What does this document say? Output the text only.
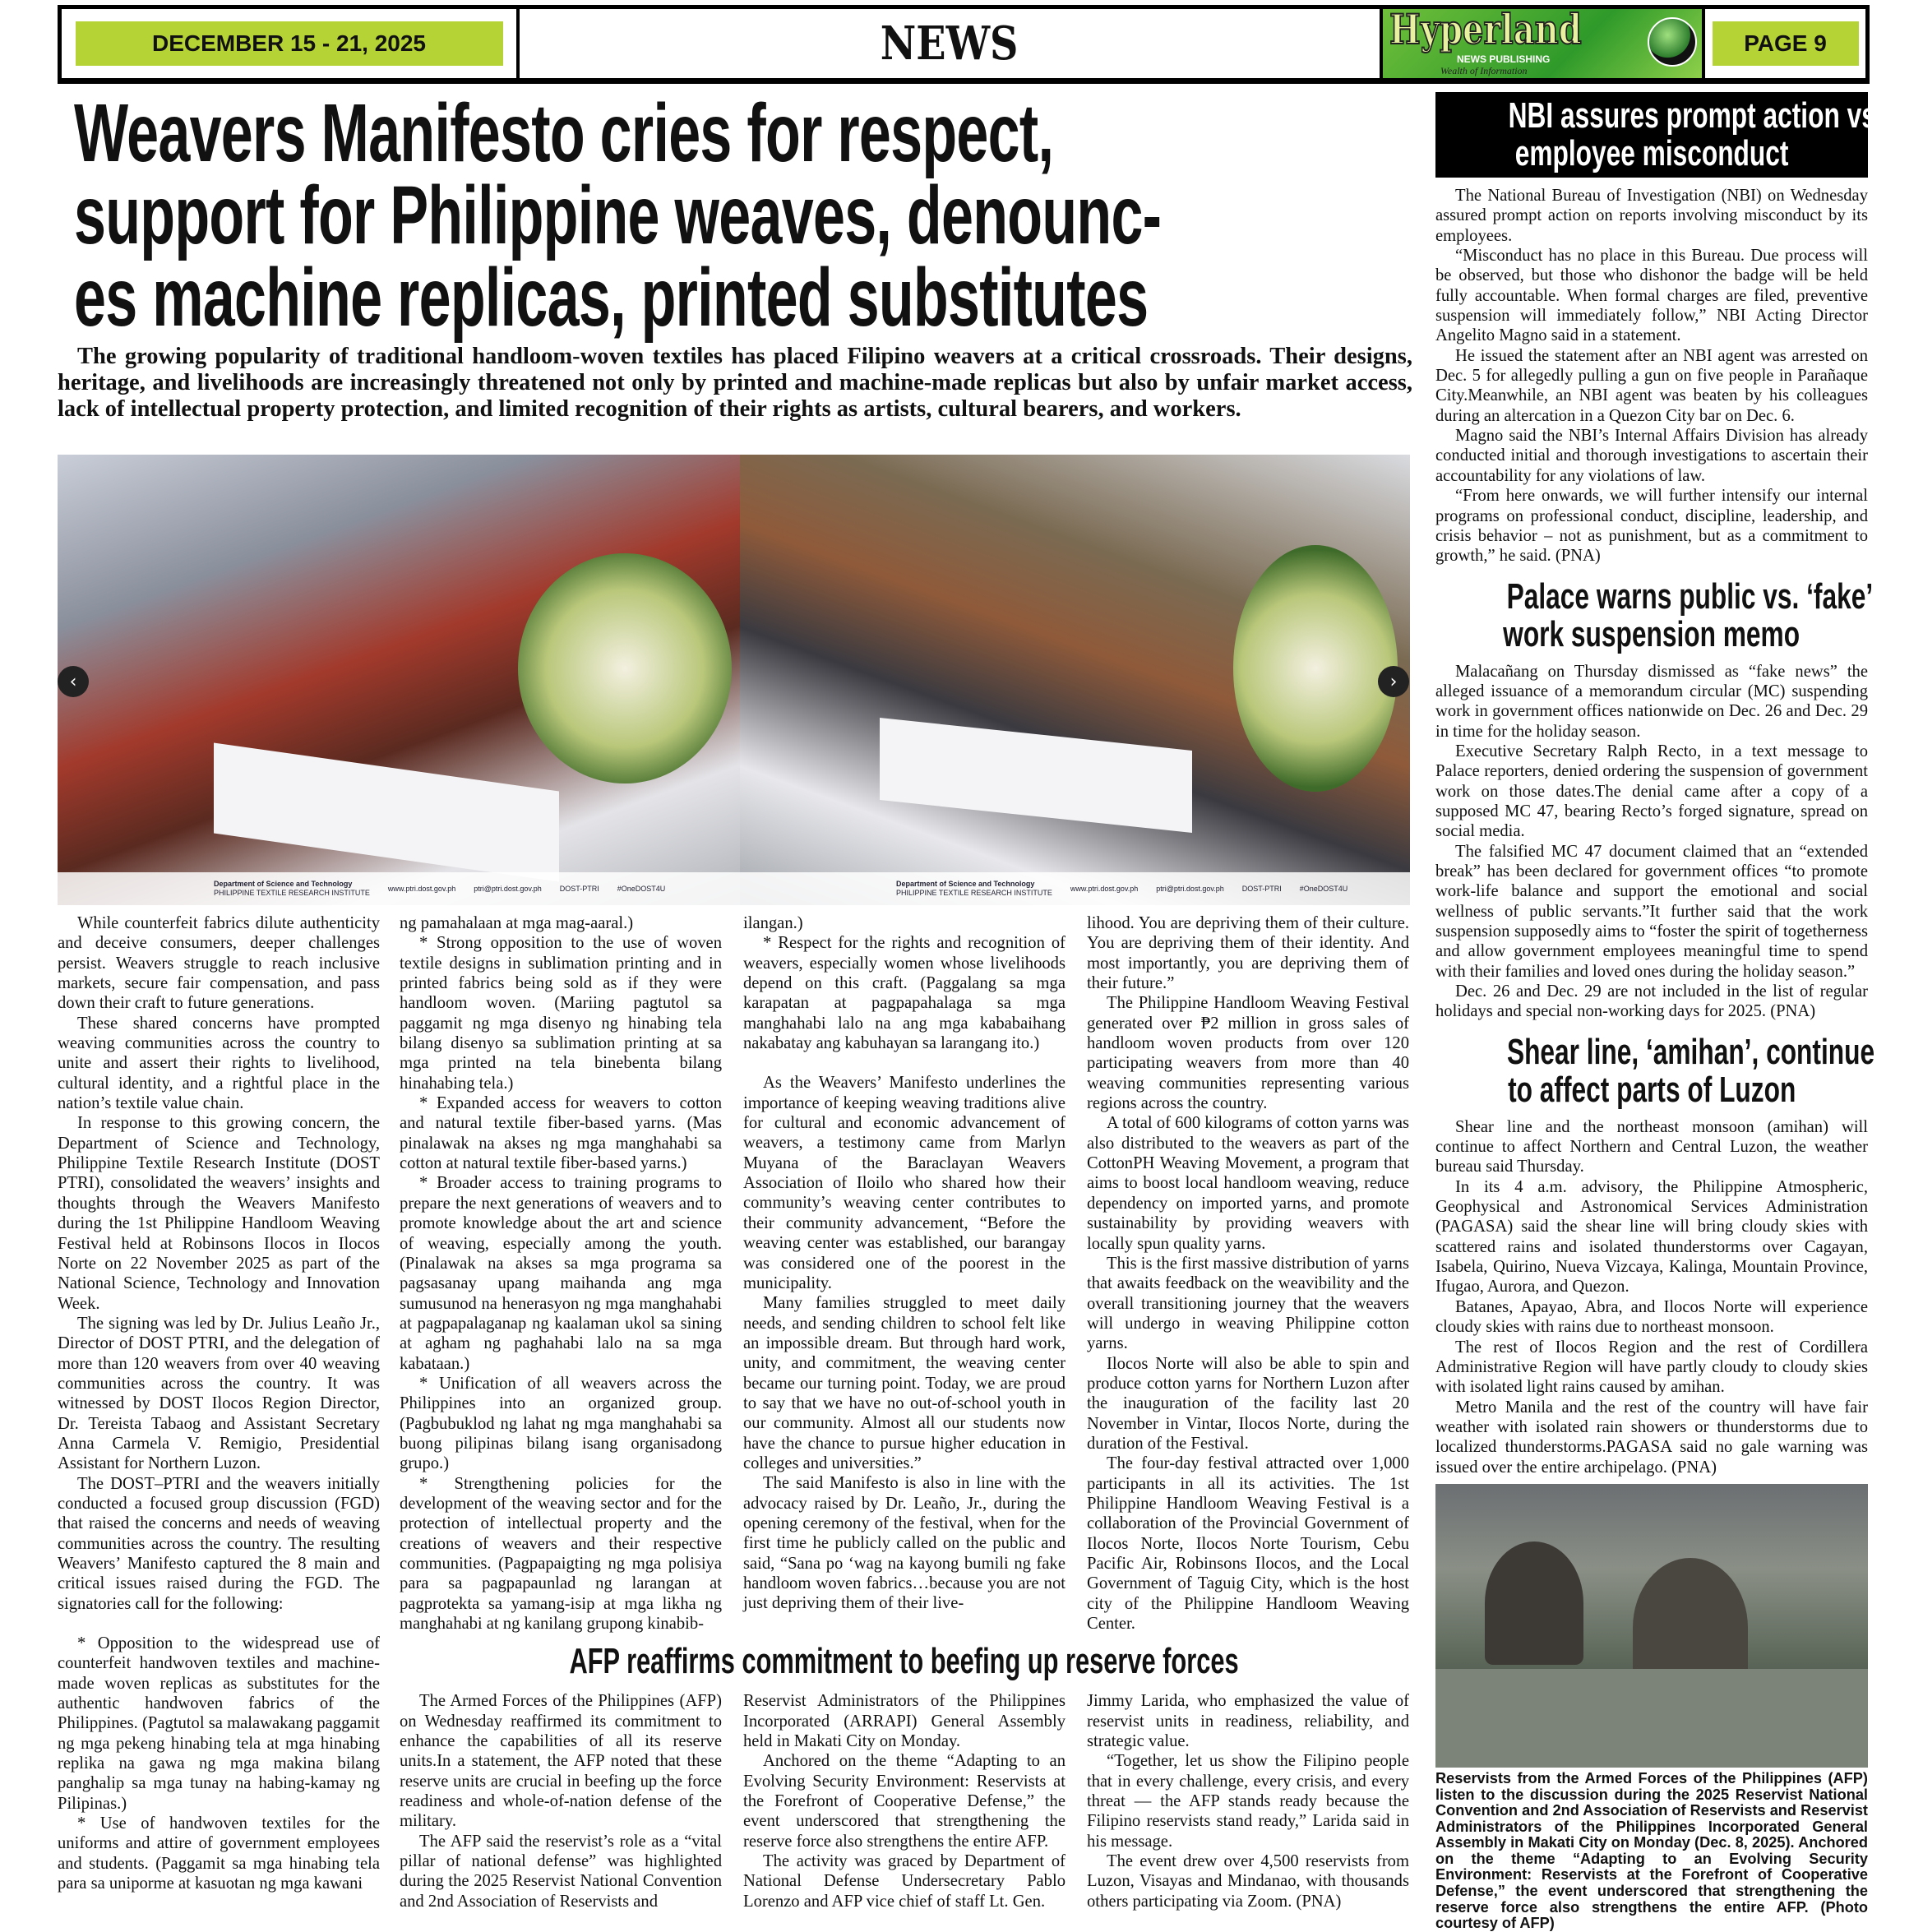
DECEMBER 15 - 21, 2025	NEWS	Hyperland
NEWS PUBLISHING
Wealth of Information
PAGE 9
Weavers Manifesto cries for respect,
support for Philippine weaves, denounc-
es machine replicas, printed substitutes
The growing popularity of traditional handloom-woven textiles has placed Filipino weavers at a critical crossroads. Their designs, heritage, and livelihoods are increasingly threatened not only by printed and machine-made replicas but also by unfair market access, lack of intellectual property protection, and limited recognition of their rights as artists, cultural bearers, and workers.
Department of Science and Technology
PHILIPPINE TEXTILE RESEARCH INSTITUTE
www.ptri.dost.gov.ph ptri@ptri.dost.gov.ph DOST-PTRI #OneDOST4U
Department of Science and Technology
PHILIPPINE TEXTILE RESEARCH INSTITUTE
www.ptri.dost.gov.ph ptri@ptri.dost.gov.ph DOST-PTRI #OneDOST4U
‹	›

While counterfeit fabrics dilute authenticity and deceive consumers, deeper challenges persist. Weavers struggle to reach inclusive markets, secure fair compensation, and pass down their craft to future generations.

These shared concerns have prompted weaving communities across the country to unite and assert their rights to livelihood, cultural identity, and a rightful place in the nation’s textile value chain.

In response to this growing concern, the Department of Science and Technology, Philippine Textile Research Institute (DOST PTRI), consolidated the weavers’ insights and thoughts through the Weavers Manifesto during the 1st Philippine Handloom Weaving Festival held at Robinsons Ilocos in Ilocos Norte on 22 November 2025 as part of the National Science, Technology and Innovation Week.

The signing was led by Dr. Julius Leaño Jr., Director of DOST PTRI, and the delegation of more than 120 weavers from over 40 weaving communities across the country. It was witnessed by DOST Ilocos Region Director, Dr. Tereista Tabaog and Assistant Secretary Anna Carmela V. Remigio, Presidential Assistant for Northern Luzon.

The DOST–PTRI and the weavers initially conducted a focused group discussion (FGD) that raised the concerns and needs of weaving communities across the country. The resulting Weavers’ Manifesto captured the 8 main and critical issues raised during the FGD. The signatories call for the following:

* Opposition to the widespread use of counterfeit handwoven textiles and machine-made woven replicas as substitutes for the authentic handwoven fabrics of the Philippines. (Pagtutol sa malawakang paggamit ng mga pekeng hinabing tela at mga hinabing replika na gawa ng mga makina bilang panghalip sa mga tunay na habing-kamay ng Pilipinas.)

* Use of handwoven textiles for the uniforms and attire of government employees and students. (Paggamit sa mga hinabing tela para sa uniporme at kasuotan ng mga kawani

ng pamahalaan at mga mag-aaral.)

* Strong opposition to the use of woven textile designs in sublimation printing and in printed fabrics being sold as if they were handloom woven. (Mariing pagtutol sa paggamit ng mga disenyo ng hinabing tela bilang disenyo sa sublimation printing at sa mga printed na tela binebenta bilang hinahabing tela.)

* Expanded access for weavers to cotton and natural textile fiber-based yarns. (Mas pinalawak na akses ng mga manghahabi sa cotton at natural textile fiber-based yarns.)

* Broader access to training programs to prepare the next generations of weavers and to promote knowledge about the art and science of weaving, especially among the youth. (Pinalawak na akses sa mga programa sa pagsasanay upang maihanda ang mga sumusunod na henerasyon ng mga manghahabi at pagpapalaganap ng kaalaman ukol sa sining at agham ng paghahabi lalo na sa mga kabataan.)

* Unification of all weavers across the Philippines into an organized group. (Pagbubuklod ng lahat ng mga manghahabi sa buong pilipinas bilang isang organisadong grupo.)

* Strengthening policies for the development of the weaving sector and for the protection of intellectual property and the creations of weavers and their respective communities. (Pagpapaigting ng mga polisiya para sa pagpapaunlad ng larangan at pagprotekta sa yamang-isip at mga likha ng manghahabi at ng kanilang grupong kinabib-

ilangan.)

* Respect for the rights and recognition of weavers, especially women whose livelihoods depend on this craft. (Paggalang sa mga karapatan at pagpapahalaga sa mga manghahabi lalo na ang mga kababaihang nakabatay ang kabuhayan sa larangang ito.)

As the Weavers’ Manifesto underlines the importance of keeping weaving traditions alive for cultural and economic advancement of weavers, a testimony came from Marlyn Muyana of the Baraclayan Weavers Association of Iloilo who shared how their community’s weaving center contributes to their community advancement, “Before the weaving center was established, our barangay was considered one of the poorest in the municipality.

Many families struggled to meet daily needs, and sending children to school felt like an impossible dream. But through hard work, unity, and commitment, the weaving center became our turning point. Today, we are proud to say that we have no out-of-school youth in our community. Almost all our students now have the chance to pursue higher education in colleges and universities.”

The said Manifesto is also in line with the advocacy raised by Dr. Leaño, Jr., during the opening ceremony of the festival, when for the first time he publicly called on the public and said, “Sana po ‘wag na kayong bumili ng fake handloom woven fabrics…because you are not just depriving them of their live-

lihood. You are depriving them of their culture. You are depriving them of their identity. And most importantly, you are depriving them of their future.”

The Philippine Handloom Weaving Festival generated over ₱2 million in gross sales of handloom woven products from over 120 participating weavers from more than 40 weaving communities representing various regions across the country.

A total of 600 kilograms of cotton yarns was also distributed to the weavers as part of the CottonPH Weaving Movement, a program that aims to boost local handloom weaving, reduce dependency on imported yarns, and promote sustainability by providing weavers with locally spun quality yarns.

This is the first massive distribution of yarns that awaits feedback on the weavibility and the overall transitioning journey that the weavers will undergo in weaving Philippine cotton yarns.

Ilocos Norte will also be able to spin and produce cotton yarns for Northern Luzon after the inauguration of the facility last 20 November in Vintar, Ilocos Norte, during the duration of the Festival.

The four-day festival attracted over 1,000 participants in all its activities. The 1st Philippine Handloom Weaving Festival is a collaboration of the Provincial Government of Ilocos Norte, Ilocos Norte Tourism, Cebu Pacific Air, Robinsons Ilocos, and the Local Government of Taguig City, which is the host city of the Philippine Handloom Weaving Center.

AFP reaffirms commitment to beefing up reserve forces

The Armed Forces of the Philippines (AFP) on Wednesday reaffirmed its commitment to enhance the capabilities of all its reserve units.In a statement, the AFP noted that these reserve units are crucial in beefing up the force readiness and whole-of-nation defense of the military.

The AFP said the reservist’s role as a “vital pillar of national defense” was highlighted during the 2025 Reservist National Convention and 2nd Association of Reservists and

Reservist Administrators of the Philippines Incorporated (ARRAPI) General Assembly held in Makati City on Monday.

Anchored on the theme “Adapting to an Evolving Security Environment: Reservists at the Forefront of Cooperative Defense,” the event underscored that strengthening the reserve force also strengthens the entire AFP.

The activity was graced by Department of National Defense Undersecretary Pablo Lorenzo and AFP vice chief of staff Lt. Gen.

Jimmy Larida, who emphasized the value of reservist units in readiness, reliability, and strategic value.

“Together, let us show the Filipino people that in every challenge, every crisis, and every threat — the AFP stands ready because the Filipino reservists stand ready,” Larida said in his message.

The event drew over 4,500 reservists from Luzon, Visayas and Mindanao, with thousands others participating via Zoom. (PNA)

NBI assures prompt action vs.
employee misconduct

The National Bureau of Investigation (NBI) on Wednesday assured prompt action on reports involving misconduct by its employees.

“Misconduct has no place in this Bureau. Due process will be observed, but those who dishonor the badge will be held fully accountable. When formal charges are filed, preventive suspension will immediately follow,” NBI Acting Director Angelito Magno said in a statement.

He issued the statement after an NBI agent was arrested on Dec. 5 for allegedly pulling a gun on five people in Parañaque City.Meanwhile, an NBI agent was beaten by his colleagues during an altercation in a Quezon City bar on Dec. 6.

Magno said the NBI’s Internal Affairs Division has already conducted initial and thorough investigations to ascertain their accountability for any violations of law.

“From here onwards, we will further intensify our internal programs on professional conduct, discipline, leadership, and crisis behavior – not as punishment, but as a commitment to growth,” he said. (PNA)

Palace warns public vs. ‘fake’
work suspension memo

Malacañang on Thursday dismissed as “fake news” the alleged issuance of a memorandum circular (MC) suspending work in government offices nationwide on Dec. 26 and Dec. 29 in time for the holiday season.

Executive Secretary Ralph Recto, in a text message to Palace reporters, denied ordering the suspension of government work on those dates.The denial came after a copy of a supposed MC 47, bearing Recto’s forged signature, spread on social media.

The falsified MC 47 document claimed that an “extended break” has been declared for government offices “to promote work-life balance and support the emotional and social wellness of public servants.”It further said that the work suspension supposedly aims to “foster the spirit of togetherness and allow government employees meaningful time to spend with their families and loved ones during the holiday season.”

Dec. 26 and Dec. 29 are not included in the list of regular holidays and special non-working days for 2025. (PNA)

Shear line, ‘amihan’, continue
to affect parts of Luzon

Shear line and the northeast monsoon (amihan) will continue to affect Northern and Central Luzon, the weather bureau said Thursday.

In its 4 a.m. advisory, the Philippine Atmospheric, Geophysical and Astronomical Services Administration (PAGASA) said the shear line will bring cloudy skies with scattered rains and isolated thunderstorms over Cagayan, Isabela, Quirino, Nueva Vizcaya, Kalinga, Mountain Province, Ifugao, Aurora, and Quezon.

Batanes, Apayao, Abra, and Ilocos Norte will experience cloudy skies with rains due to northeast monsoon.

The rest of Ilocos Region and the rest of Cordillera Administrative Region will have partly cloudy to cloudy skies with isolated light rains caused by amihan.

Metro Manila and the rest of the country will have fair weather with isolated rain showers or thunderstorms due to localized thunderstorms.PAGASA said no gale warning was issued over the entire archipelago. (PNA)

Reservists from the Armed Forces of the Philippines (AFP) listen to the discussion during the 2025 Reservist National Convention and 2nd Association of Reservists and Reservist Administrators of the Philippines Incorporated General Assembly in Makati City on Monday (Dec. 8, 2025). Anchored on the theme “Adapting to an Evolving Security Environment: Reservists at the Forefront of Cooperative Defense,” the event underscored that strengthening the reserve force also strengthens the entire AFP. (Photo courtesy of AFP)
